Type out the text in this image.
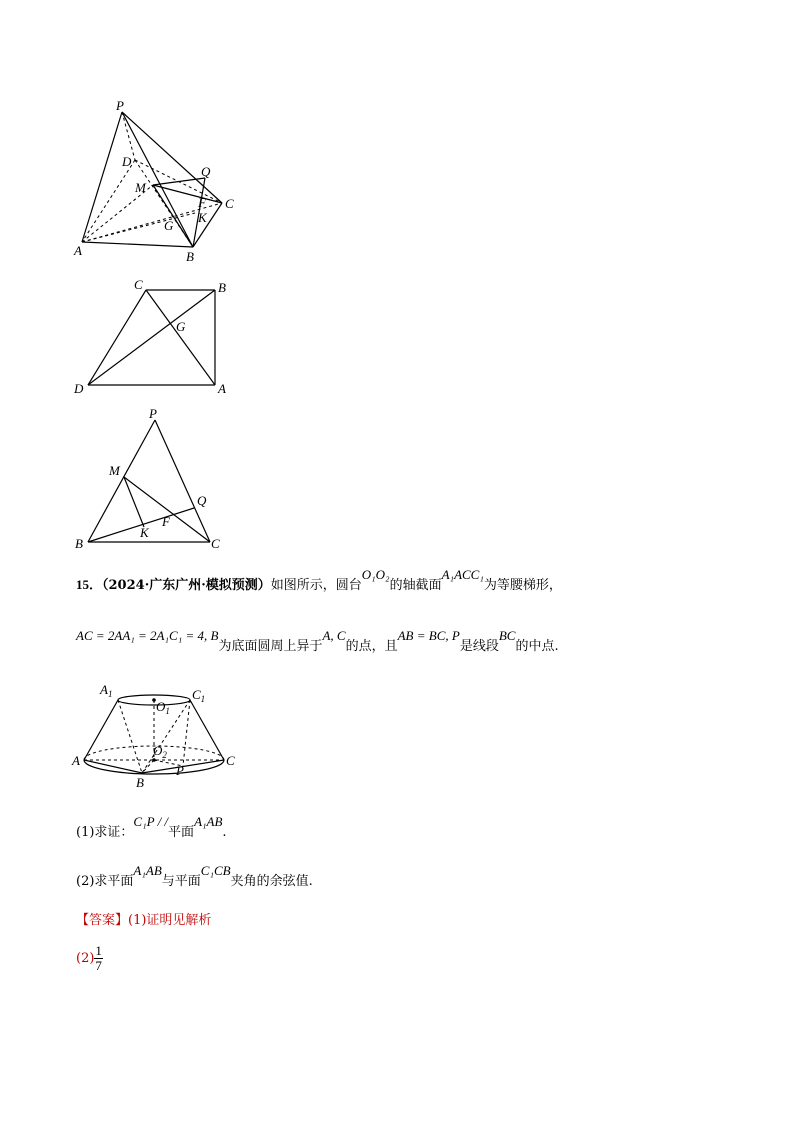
P
D
Q
M
C
F
K
G
A	B
C	B
G
D	A
P
M
Q
F
K
B	C
15．（2024·广东广州·模拟预测）如图所示，圆台O₁O₂的轴截面A₁ACC₁为等腰梯形，
AC = 2AA₁ = 2A₁C₁ = 4, B为底面圆周上异于A, C的点，且AB = BC, P是线段BC的中点.
$A_1$	$C_1$
$O_1$
$O_2$
A	C
P
B
(1)求证：C₁P / /平面A₁AB.
(2)求平面A₁AB与平面C₁CB夹角的余弦值.
【答案】(1)证明见解析
$(2) \frac{1}{7}$
